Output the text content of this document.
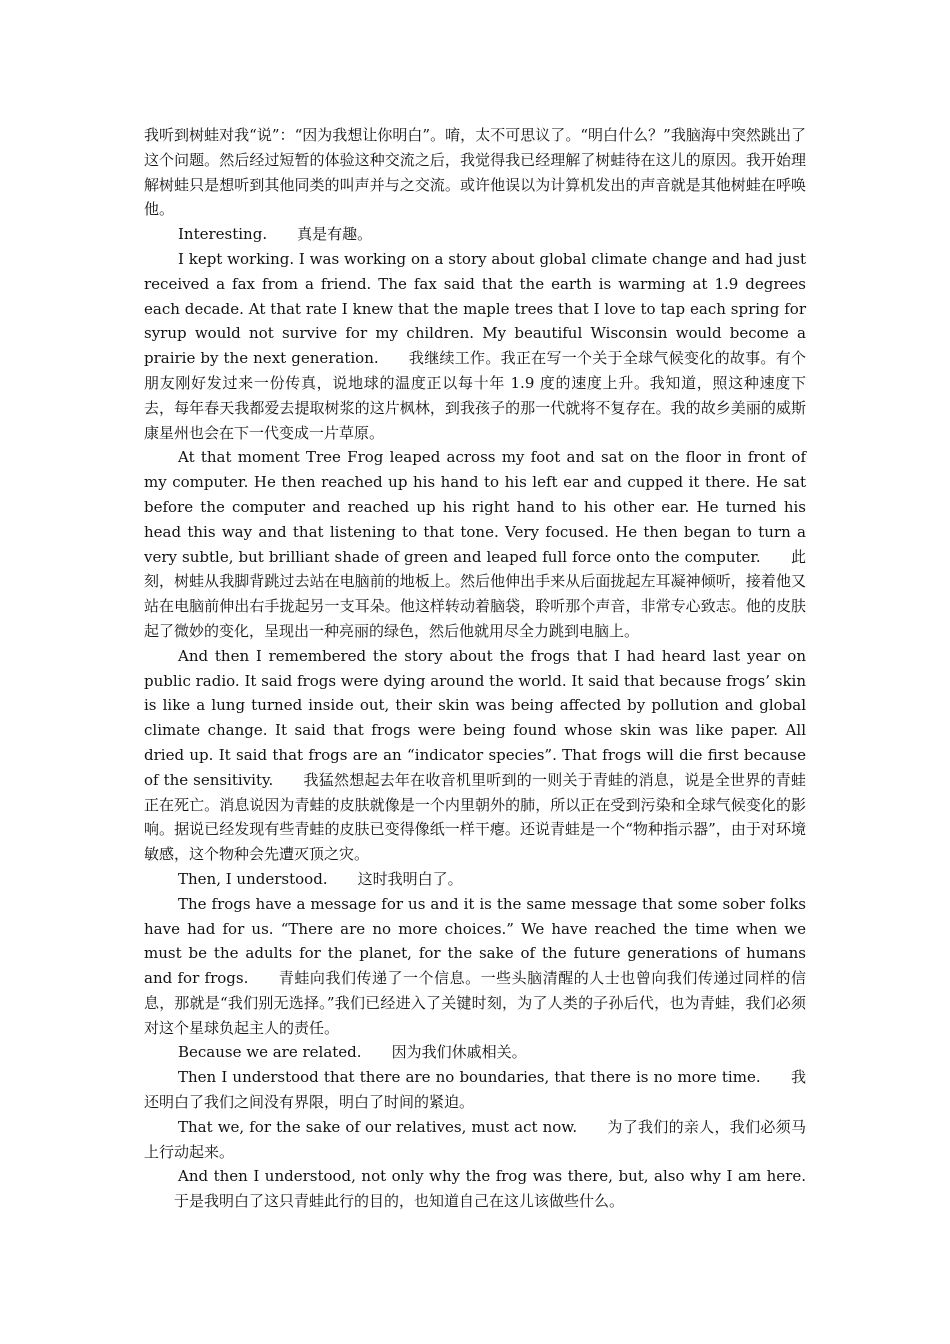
我听到树蛙对我“说”：“因为我想让你明白”。唷，太不可思议了。“明白什么？”我脑海中突然跳出了这个问题。然后经过短暂的体验这种交流之后，我觉得我已经理解了树蛙待在这儿的原因。我开始理解树蛙只是想听到其他同类的叫声并与之交流。或许他误以为计算机发出的声音就是其他树蛙在呼唤他。

Interesting. 真是有趣。

I kept working. I was working on a story about global climate change and had just received a fax from a friend. The fax said that the earth is warming at 1.9 degrees each decade. At that rate I knew that the maple trees that I love to tap each spring for syrup would not survive for my children. My beautiful Wisconsin would become a prairie by the next generation. 我继续工作。我正在写一个关于全球气候变化的故事。有个朋友刚好发过来一份传真，说地球的温度正以每十年 1.9 度的速度上升。我知道，照这种速度下去，每年春天我都爱去提取树浆的这片枫林，到我孩子的那一代就将不复存在。我的故乡美丽的威斯康星州也会在下一代变成一片草原。

At that moment Tree Frog leaped across my foot and sat on the floor in front of my computer. He then reached up his hand to his left ear and cupped it there. He sat before the computer and reached up his right hand to his other ear. He turned his head this way and that listening to that tone. Very focused. He then began to turn a very subtle, but brilliant shade of green and leaped full force onto the computer. 此刻，树蛙从我脚背跳过去站在电脑前的地板上。然后他伸出手来从后面拢起左耳凝神倾听，接着他又站在电脑前伸出右手拢起另一支耳朵。他这样转动着脑袋，聆听那个声音，非常专心致志。他的皮肤起了微妙的变化，呈现出一种亮丽的绿色，然后他就用尽全力跳到电脑上。

And then I remembered the story about the frogs that I had heard last year on public radio. It said frogs were dying around the world. It said that because frogs’ skin is like a lung turned inside out, their skin was being affected by pollution and global climate change. It said that frogs were being found whose skin was like paper. All dried up. It said that frogs are an “indicator species”. That frogs will die first because of the sensitivity. 我猛然想起去年在收音机里听到的一则关于青蛙的消息，说是全世界的青蛙正在死亡。消息说因为青蛙的皮肤就像是一个内里朝外的肺，所以正在受到污染和全球气候变化的影响。据说已经发现有些青蛙的皮肤已变得像纸一样干瘪。还说青蛙是一个“物种指示器”，由于对环境敏感，这个物种会先遭灭顶之灾。

Then, I understood. 这时我明白了。

The frogs have a message for us and it is the same message that some sober folks have had for us. “There are no more choices.” We have reached the time when we must be the adults for the planet, for the sake of the future generations of humans and for frogs. 青蛙向我们传递了一个信息。一些头脑清醒的人士也曾向我们传递过同样的信息，那就是“我们别无选择。”我们已经进入了关键时刻，为了人类的子孙后代，也为青蛙，我们必须对这个星球负起主人的责任。

Because we are related. 因为我们休戚相关。

Then I understood that there are no boundaries, that there is no more time. 我还明白了我们之间没有界限，明白了时间的紧迫。

That we, for the sake of our relatives, must act now. 为了我们的亲人，我们必须马上行动起来。

And then I understood, not only why the frog was there, but, also why I am here.于是我明白了这只青蛙此行的目的，也知道自己在这儿该做些什么。
